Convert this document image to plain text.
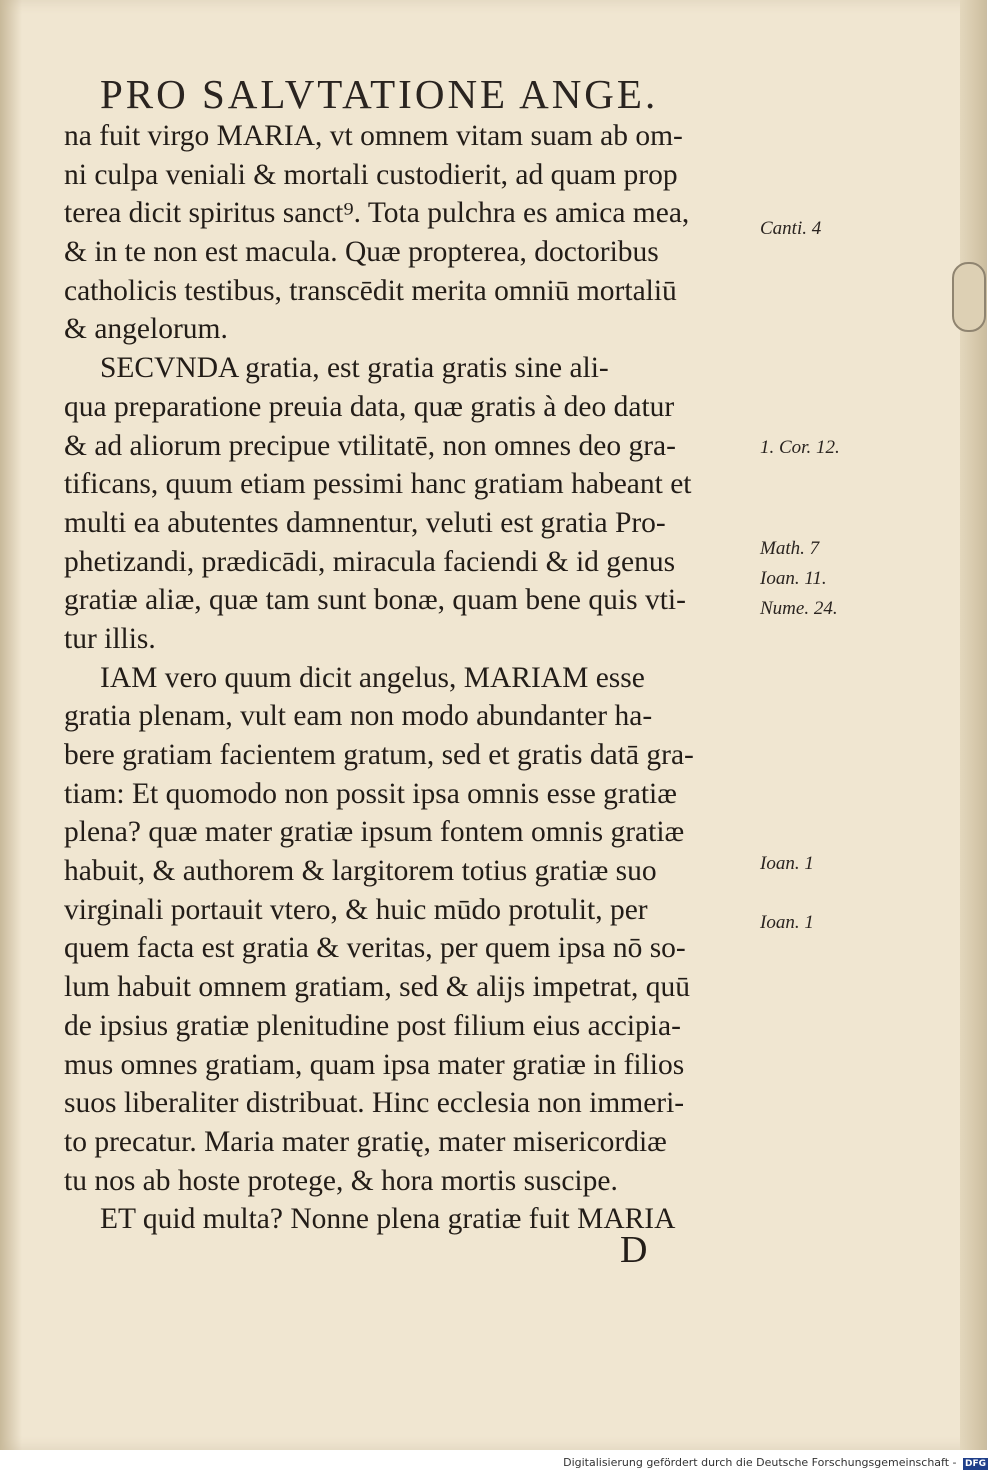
PRO SALVTATIONE ANGE.
na fuit virgo MARIA, vt omnem vitam suam ab om-
ni culpa veniali & mortali custodierit, ad quam prop
terea dicit spiritus sanct⁹. Tota pulchra es amica mea,
& in te non est macula. Quæ propterea, doctoribus
catholicis testibus, transcēdit merita omniū mortaliū
& angelorum.
SECVNDA gratia, est gratia gratis sine ali-
qua preparatione preuia data, quæ gratis à deo datur
& ad aliorum precipue vtilitatē, non omnes deo gra-
tificans, quum etiam pessimi hanc gratiam habeant et
multi ea abutentes damnentur, veluti est gratia Pro-
phetizandi, prædicādi, miracula faciendi & id genus
gratiæ aliæ, quæ tam sunt bonæ, quam bene quis vti-
tur illis.
IAM vero quum dicit angelus, MARIAM esse
gratia plenam, vult eam non modo abundanter ha-
bere gratiam facientem gratum, sed et gratis datā gra-
tiam: Et quomodo non possit ipsa omnis esse gratiæ
plena? quæ mater gratiæ ipsum fontem omnis gratiæ
habuit, & authorem & largitorem totius gratiæ suo
virginali portauit vtero, & huic mūdo protulit, per
quem facta est gratia & veritas, per quem ipsa nō so-
lum habuit omnem gratiam, sed & alijs impetrat, quū
de ipsius gratiæ plenitudine post filium eius accipia-
mus omnes gratiam, quam ipsa mater gratiæ in filios
suos liberaliter distribuat. Hinc ecclesia non immeri-
to precatur. Maria mater gratię, mater misericordiæ
tu nos ab hoste protege, & hora mortis suscipe.
ET quid multa? Nonne plena gratiæ fuit MARIA
Canti. 4
1. Cor. 12.
Math. 7
Ioan. 11.
Nume. 24.
Ioan. 1
Ioan. 1
D
Digitalisierung gefördert durch die Deutsche Forschungsgemeinschaft - DFG
